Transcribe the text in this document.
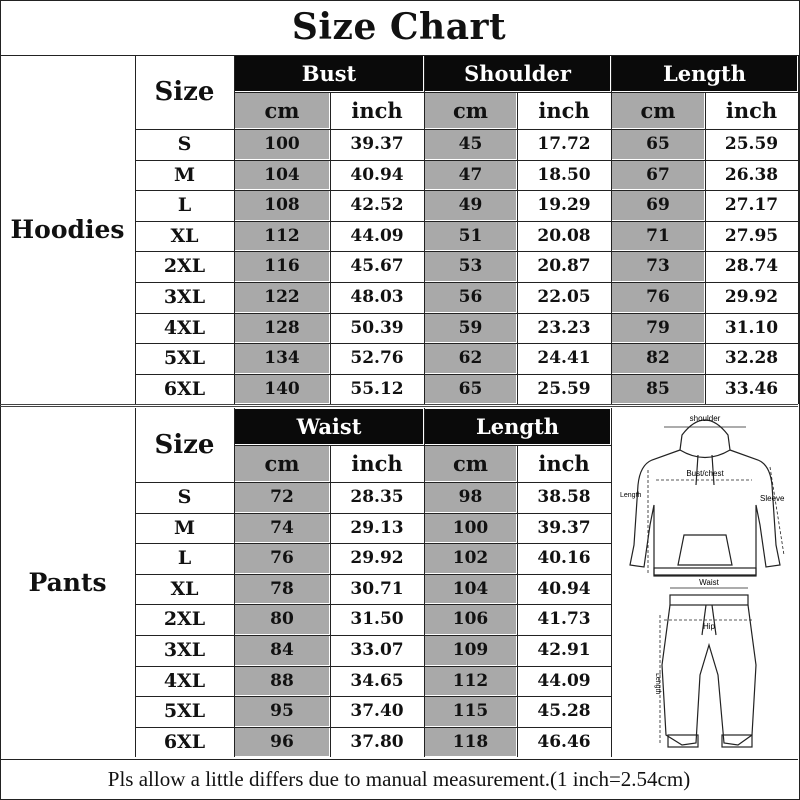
Size Chart
Hoodies
Size
Bust	Shoulder	Length
cm	inch	cm	inch	cm	inch
S	100	39.37	45	17.72	65	25.59
M	104	40.94	47	18.50	67	26.38
L	108	42.52	49	19.29	69	27.17
XL	112	44.09	51	20.08	71	27.95
2XL	116	45.67	53	20.87	73	28.74
3XL	122	48.03	56	22.05	76	29.92
4XL	128	50.39	59	23.23	79	31.10
5XL	134	52.76	62	24.41	82	32.28
6XL	140	55.12	65	25.59	85	33.46
Pants
Size
Waist	Length
cm	inch	cm	inch
S	72	28.35	98	38.58
M	74	29.13	100	39.37
L	76	29.92	102	40.16
XL	78	30.71	104	40.94
2XL	80	31.50	106	41.73
3XL	84	33.07	109	42.91
4XL	88	34.65	112	44.09
5XL	95	37.40	115	45.28
6XL	96	37.80	118	46.46
shoulder
Bust/chest
Length	Sleeve
Waist
Hip
Length
Pls allow a little differs due to manual measurement.(1 inch=2.54cm)
